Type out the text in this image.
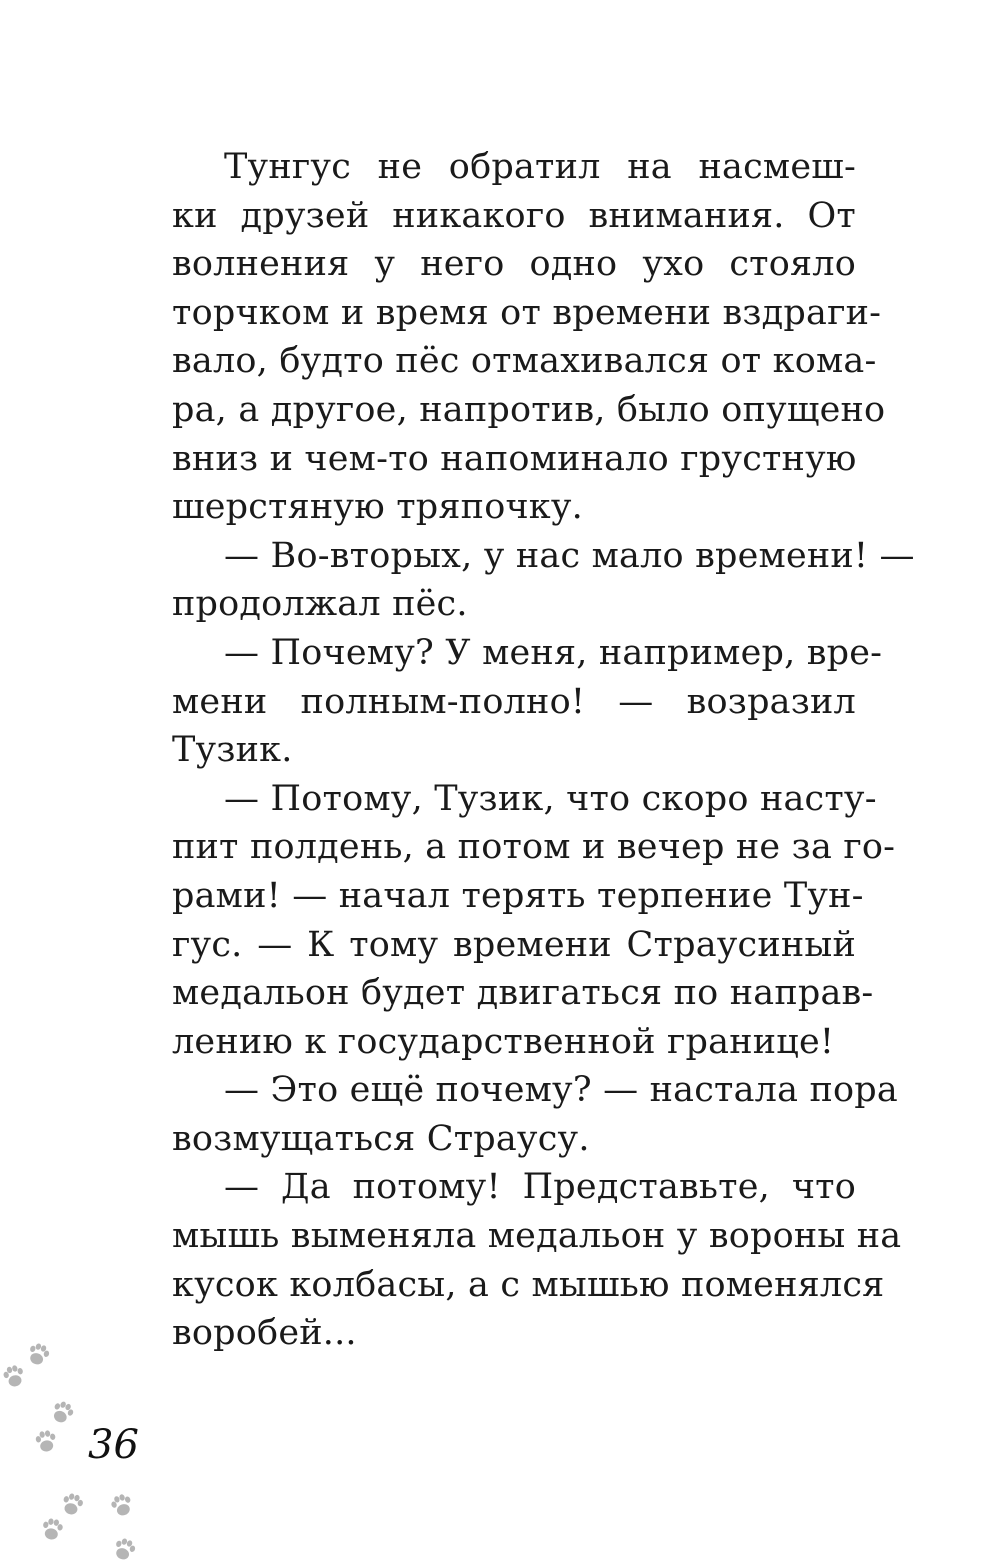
Тунгус не обратил на насмеш-
ки друзей никакого внимания. От
волнения у него одно ухо стояло
торчком и время от времени вздраги-
вало, будто пёс отмахивался от кома-
ра, а другое, напротив, было опущено
вниз и чем-то напоминало грустную
шерстяную тряпочку.
— Во-вторых, у нас мало времени! —
продолжал пёс.
— Почему? У меня, например, вре-
мени полным-полно! — возразил
Тузик.
— Потому, Тузик, что скоро насту-
пит полдень, а потом и вечер не за го-
рами! — начал терять терпение Тун-
гус. — К тому времени Страусиный
медальон будет двигаться по направ-
лению к государственной границе!
— Это ещё почему? — настала пора
возмущаться Страусу.
— Да потому! Представьте, что
мышь выменяла медальон у вороны на
кусок колбасы, а с мышью поменялся
воробей...
36
